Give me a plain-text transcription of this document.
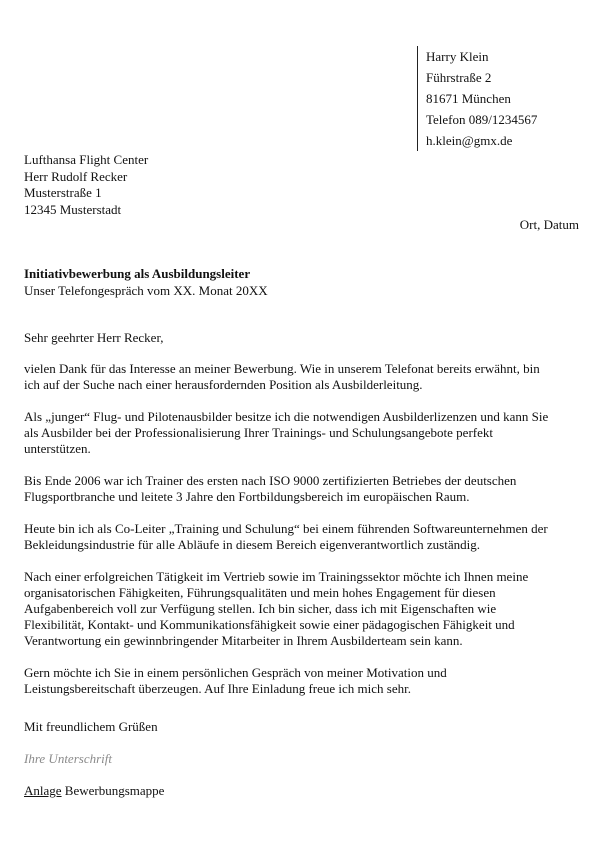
Harry Klein
Führstraße 2
81671 München
Telefon 089/1234567
h.klein@gmx.de
Lufthansa Flight Center
Herr Rudolf Recker
Musterstraße 1
12345 Musterstadt
Ort, Datum
Initiativbewerbung als Ausbildungsleiter
Unser Telefongespräch vom XX. Monat 20XX
Sehr geehrter Herr Recker,
vielen Dank für das Interesse an meiner Bewerbung. Wie in unserem Telefonat bereits erwähnt, bin
ich auf der Suche nach einer herausfordernden Position als Ausbilderleitung.
Als „junger“ Flug- und Pilotenausbilder besitze ich die notwendigen Ausbilderlizenzen und kann Sie
als Ausbilder bei der Professionalisierung Ihrer Trainings- und Schulungsangebote perfekt
unterstützen.
Bis Ende 2006 war ich Trainer des ersten nach ISO 9000 zertifizierten Betriebes der deutschen
Flugsportbranche und leitete 3 Jahre den Fortbildungsbereich im europäischen Raum.
Heute bin ich als Co-Leiter „Training und Schulung“ bei einem führenden Softwareunternehmen der
Bekleidungsindustrie für alle Abläufe in diesem Bereich eigenverantwortlich zuständig.
Nach einer erfolgreichen Tätigkeit im Vertrieb sowie im Trainingssektor möchte ich Ihnen meine
organisatorischen Fähigkeiten, Führungsqualitäten und mein hohes Engagement für diesen
Aufgabenbereich voll zur Verfügung stellen. Ich bin sicher, dass ich mit Eigenschaften wie
Flexibilität, Kontakt- und Kommunikationsfähigkeit sowie einer pädagogischen Fähigkeit und
Verantwortung ein gewinnbringender Mitarbeiter in Ihrem Ausbilderteam sein kann.
Gern möchte ich Sie in einem persönlichen Gespräch von meiner Motivation und
Leistungsbereitschaft überzeugen. Auf Ihre Einladung freue ich mich sehr.
Mit freundlichem Grüßen
Ihre Unterschrift
Anlage Bewerbungsmappe
